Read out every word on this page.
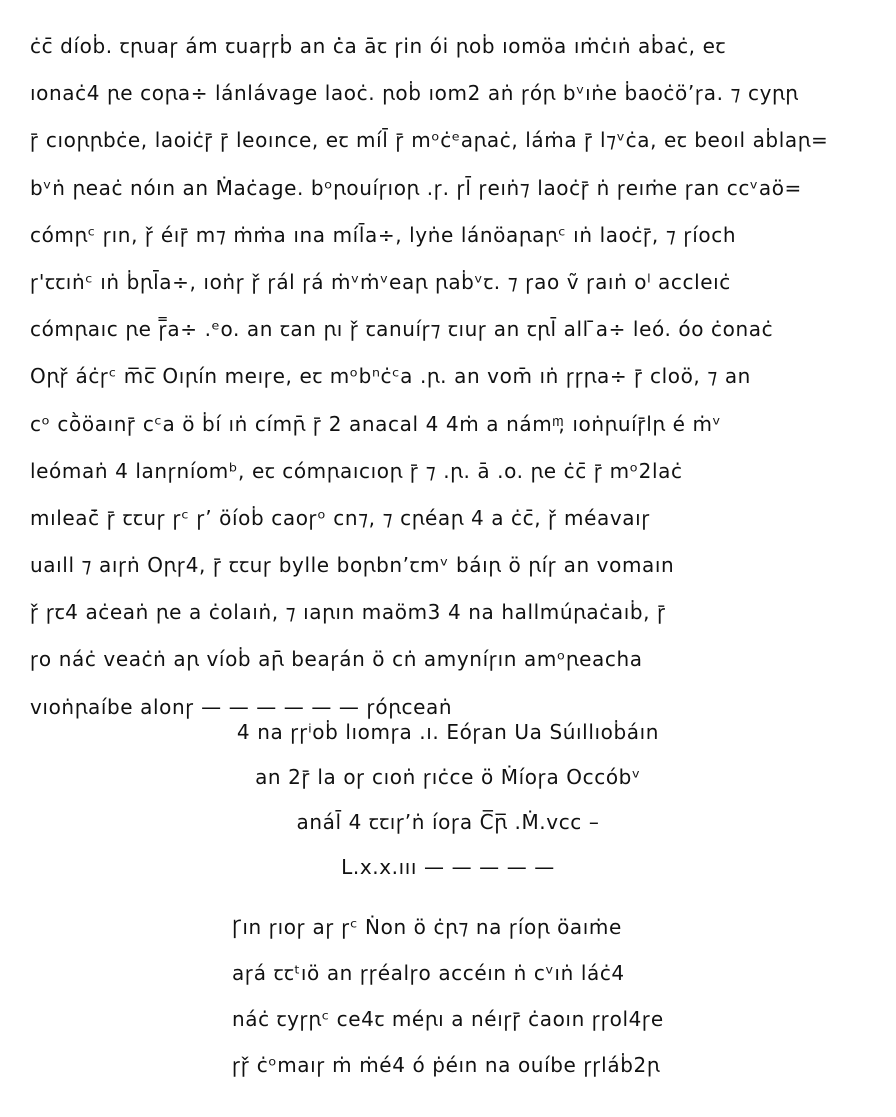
ċc̄ ⅾíoḃ. ꞇꞃuaꞅ ám ꞇuaꞅꞅḃ an ċ̇a āꞇ ꞅin ói ꞃoḃ ıomöa ıṁċıṅ aḃaċ, eꞇ
ıonaċ4 ꞃe coꞃa÷ lánlávaɡe laoċ. ꞃoḃ ıom2 aṅ ꞅóꞃ bᵛıṅe ḃaoċö’ꞅa. ⁊ cyꞃꞃ
ꞅ̄ cıoꞃꞃbċe, laoiċꞅ̄ ꞅ̄ leoınce, eꞇ míl̄ ꞅ̄ mᵒċᵉaꞃaċ, láṁa ꞅ̄ l⁊ᵛċa, eꞇ beoıl aḃlaꞃ=
bᵛṅ ꞃeaċ nóın an Ṁaċaɡe. bᵒꞃouíꞅıoꞃ .ꞅ. ꞅl̄ ꞅeıṅ⁊ laoċꞅ̄ ṅ ꞅeıṁe ꞅan ccᵛaö=
cómꞃᶜ ꞅın, ꞅ̌ éıꞅ̄ m⁊ ṁṁa ına míl̄a÷, lyṅe lánöaꞃaꞃᶜ ıṅ laoċꞅ̄, ⁊ ꞅíoch
ꞅ'ꞇꞇıṅᶜ ıṅ ḃꞃl̄a÷, ıoṅꞅ ꞅ̌ ꞅál ꞅá ṁᵛṁᵛeaꞃ ꞃaḃᵛꞇ. ⁊ ꞅao ṽ ꞅaıṅ oˡ accleıċ
cómꞃaıc ꞃe ꞅ̿a÷ .ᵉo. an ꞇan ꞃı ꞅ̌ ꞇanuíꞅ⁊ ꞇıuꞅ an ꞇꞃl̄ all ̄a÷ leó. óo ċonaċ
Oꞃꞅ̌ áċꞅᶜ m̅c̅ Oıꞃín meıꞅe, eꞇ mᵒbⁿċᶜa .ꞃ. an vom̄ ıṅ ꞅꞅꞃa÷ ꞅ̄ cloö, ⁊ an
cᵒ cṑöaınꞅ̄ cᶜa ö ḃí ıṅ címꞃ̄ ꞅ̄ 2 anacal 4 4ṁ a nám ͫ, ıoṅꞃuíꞅ̄lꞃ é ṁᵛ
leómaṅ 4 lanꞅníomᵇ, eꞇ cómꞃaıcıoꞃ ꞅ̄ ⁊ .ꞃ. ā .o. ꞃe ċc̄ ꞅ̄ mᵒ2laċ
mıleaċ̄ ꞅ̄ ꞇꞇuꞅ ꞅᶜ ꞅ’ öíoḃ caoꞅᵒ cn⁊, ⁊ cꞃéaꞃ 4 a ċc̄, ꞅ̌ méavaıꞅ
uaıll ⁊ aıꞅṅ Oꞃꞅ4, ꞅ̄ ꞇꞇuꞅ bylle boꞃbn’ꞇmᵛ báıꞃ ö ꞃíꞅ an vomaın
ꞅ̌ ꞅꞇ4 aċeaṅ ꞃe a ċolaıṅ, ⁊ ıaꞃın maöm3 4 na hallmúꞃaċaıḃ, ꞅ̄
ꞅo náċ veaċṅ aꞃ víoḃ aꞃ̄ beaꞅán ö cṅ amyníꞅın amᵒꞃeacha
vıoṅꞃaíbe alonꞅ — — — — — — ꞅóꞃceaṅ
4 na ꞅꞅⁱoḃ lıomꞅa .ı. Eóꞅan Ua Súıllıoḃáın
an 2ꞅ̄ la oꞅ cıoṅ ꞅıċce ö Ṁíoꞅa Occóbᵛ
anál̄ 4 ꞇꞇıꞅ’ṅ íoꞅa C̅ꞃ̅ .Ṁ.vcc –
L.x.x.ııı — — — — —
Ꞅın ꞅıoꞅ aꞅ ꞅᶜ Ṅon ö ċꞃ⁊ na ꞅíoꞃ öaıṁe
aꞅá ꞇꞇᵗıö an ꞅꞅéalꞅo accéın ṅ cᵛıṅ láċ4
náċ ꞇyꞅꞃᶜ ce4ꞇ méꞃı a néıꞅꞅ̄ ċaoın ꞅꞅol4ꞅe
ꞅꞅ̌ ċᵒmaıꞅ ṁ ṁé4 ó ṗéın na ouíbe ꞅꞅláḃ2ꞃ
